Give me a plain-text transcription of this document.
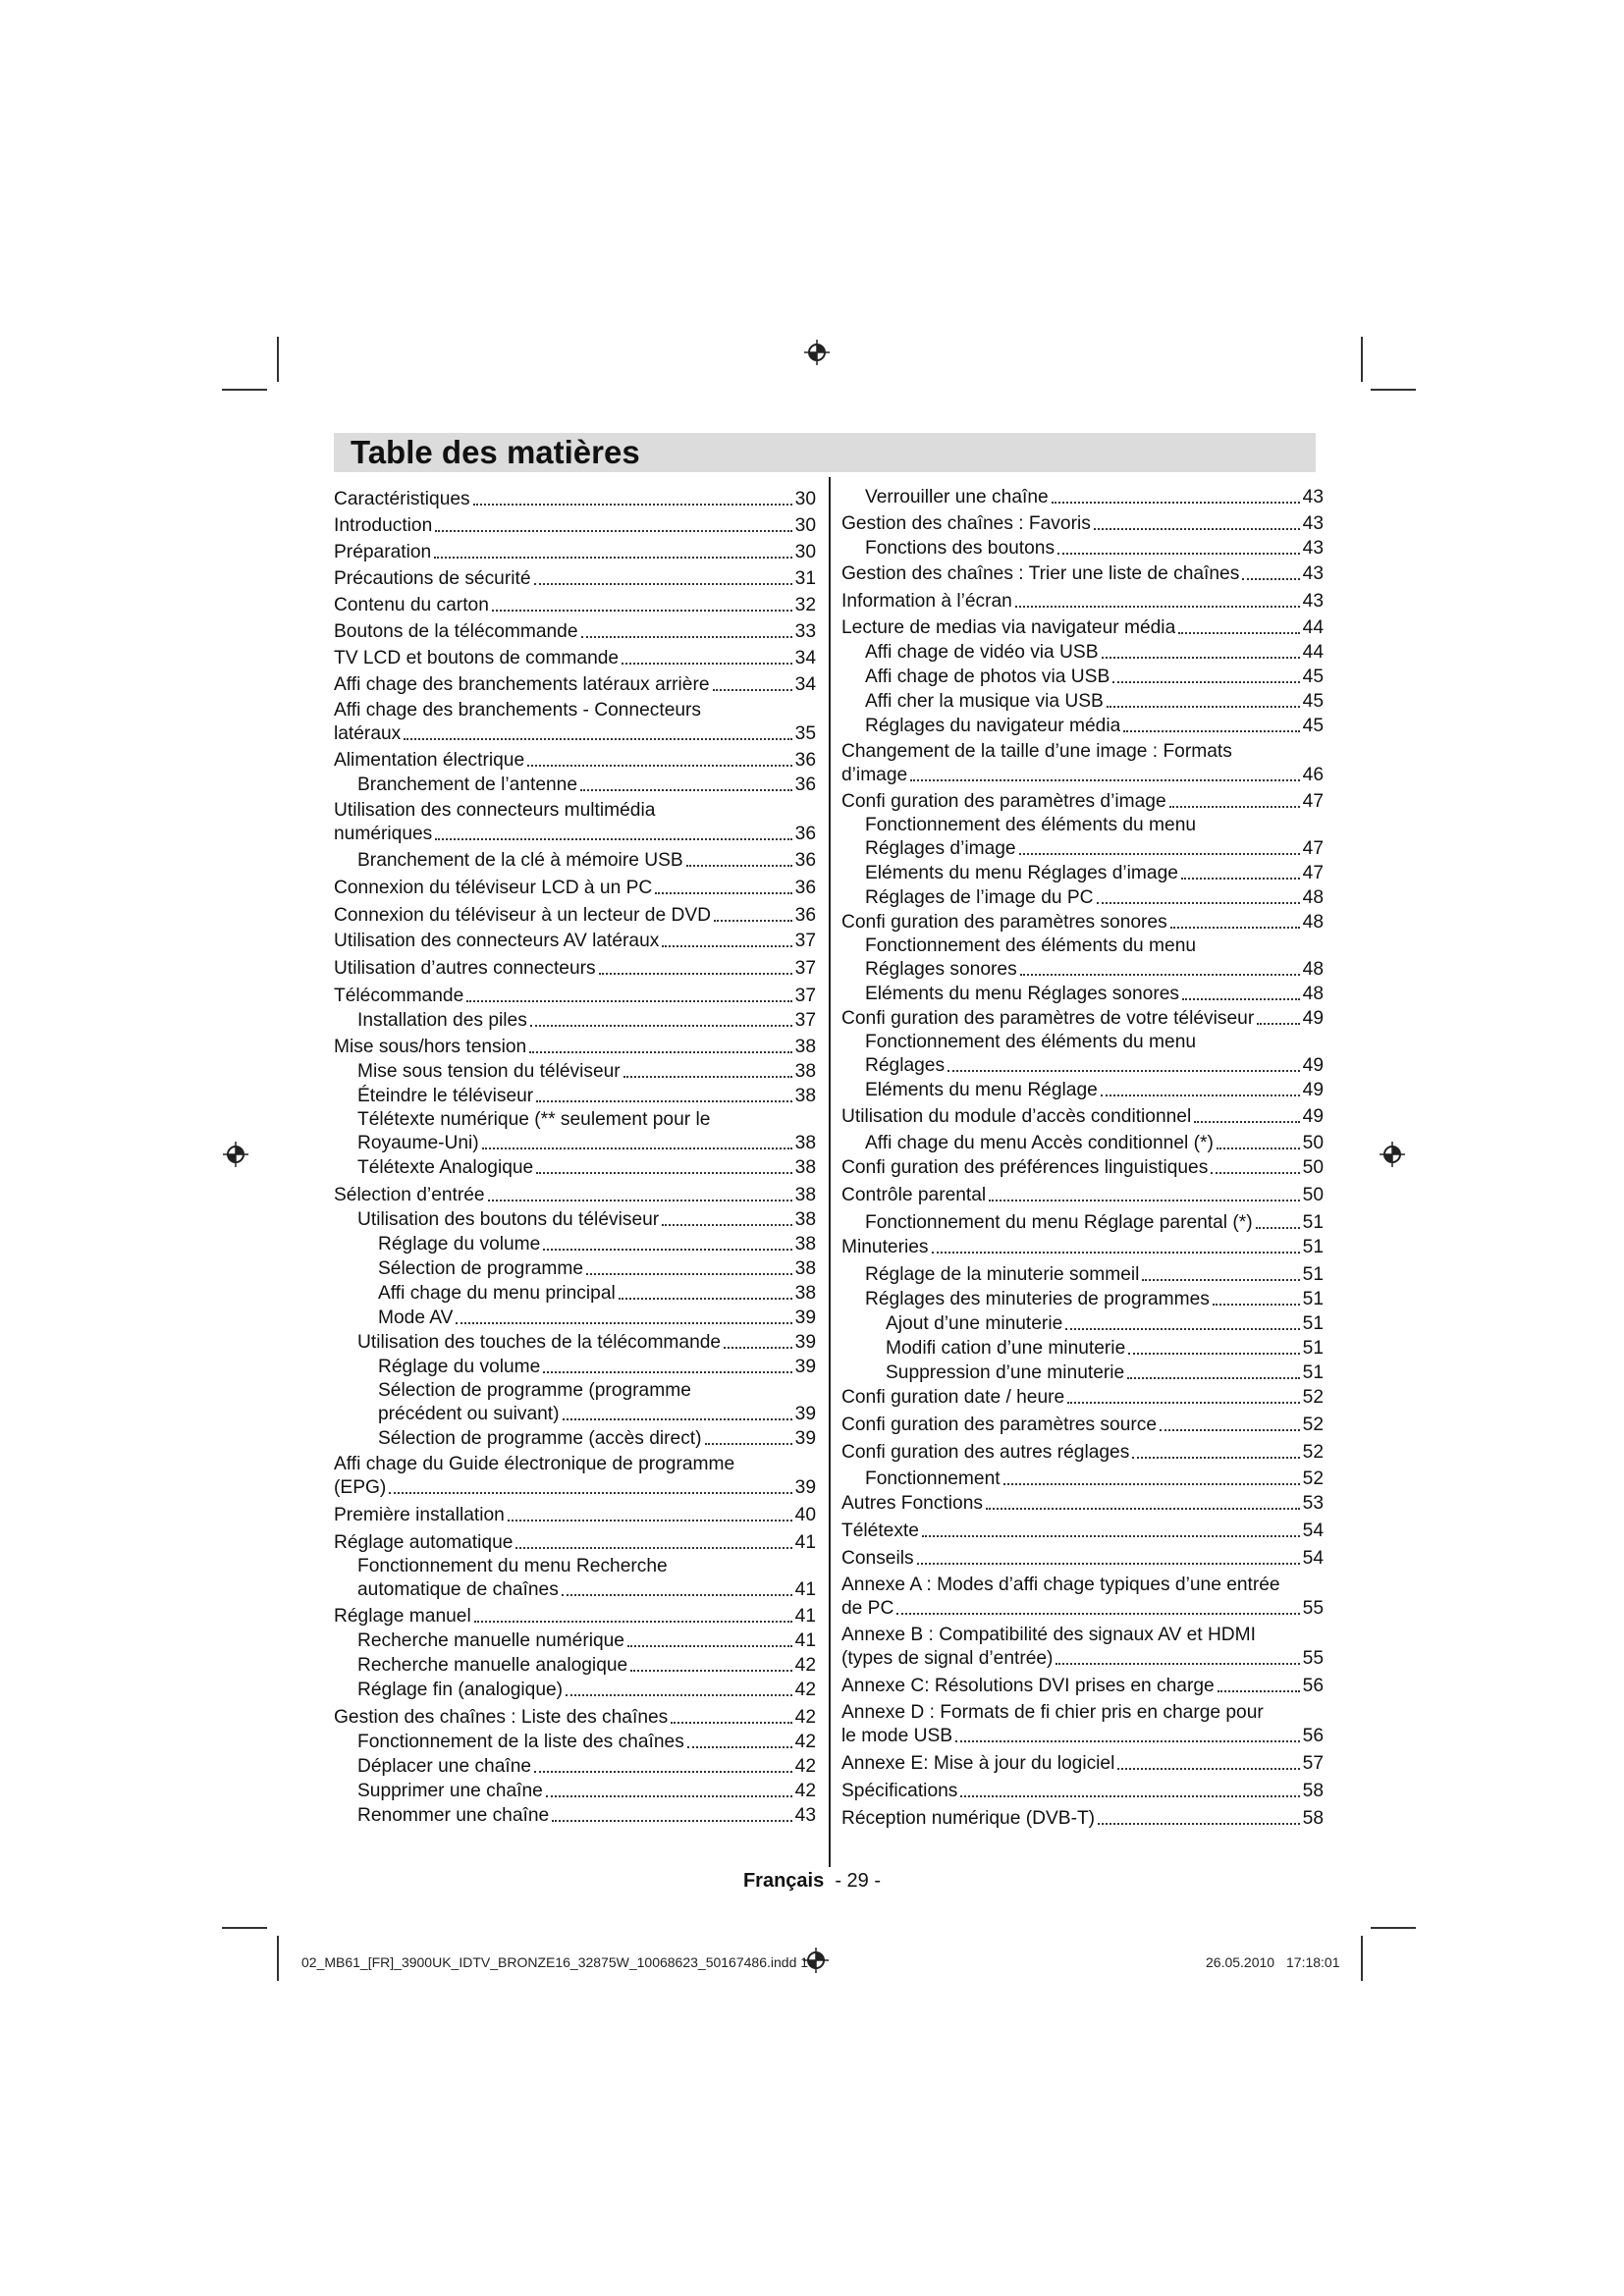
Table des matières
Caractéristiques	30
Introduction	30
Préparation	30
Précautions de sécurité	31
Contenu du carton	32
Boutons de la télécommande	33
TV LCD et boutons de commande	34
Affi chage des branchements latéraux arrière	34
Affi chage des branchements - Connecteurs
latéraux	35
Alimentation électrique	36
Branchement de l’antenne	36
Utilisation des connecteurs multimédia
numériques	36
Branchement de la clé à mémoire USB	36
Connexion du téléviseur LCD à un PC	36
Connexion du téléviseur à un lecteur de DVD	36
Utilisation des connecteurs AV latéraux	37
Utilisation d’autres connecteurs	37
Télécommande	37
Installation des piles	37
Mise sous/hors tension	38
Mise sous tension du téléviseur	38
Éteindre le téléviseur	38
Télétexte numérique (** seulement pour le
Royaume-Uni)	38
Télétexte Analogique	38
Sélection d’entrée	38
Utilisation des boutons du téléviseur	38
Réglage du volume	38
Sélection de programme	38
Affi chage du menu principal	38
Mode AV	39
Utilisation des touches de la télécommande	39
Réglage du volume	39
Sélection de programme (programme
précédent ou suivant)	39
Sélection de programme (accès direct)	39
Affi chage du Guide électronique de programme
(EPG)	39
Première installation	40
Réglage automatique	41
Fonctionnement du menu Recherche
automatique de chaînes	41
Réglage manuel	41
Recherche manuelle numérique	41
Recherche manuelle analogique	42
Réglage fin (analogique)	42
Gestion des chaînes : Liste des chaînes	42
Fonctionnement de la liste des chaînes	42
Déplacer une chaîne	42
Supprimer une chaîne	42
Renommer une chaîne	43
Verrouiller une chaîne	43
Gestion des chaînes : Favoris	43
Fonctions des boutons	43
Gestion des chaînes : Trier une liste de chaînes	43
Information à l’écran	43
Lecture de medias via navigateur média	44
Affi chage de vidéo via USB	44
Affi chage de photos via USB	45
Affi cher la musique via USB	45
Réglages du navigateur média	45
Changement de la taille d’une image : Formats
d’image	46
Confi guration des paramètres d’image	47
Fonctionnement des éléments du menu
Réglages d’image	47
Eléments du menu Réglages d’image	47
Réglages de l’image du PC	48
Confi guration des paramètres sonores	48
Fonctionnement des éléments du menu
Réglages sonores	48
Eléments du menu Réglages sonores	48
Confi guration des paramètres de votre téléviseur	49
Fonctionnement des éléments du menu
Réglages	49
Eléments du menu Réglage	49
Utilisation du module d’accès conditionnel	49
Affi chage du menu Accès conditionnel (*)	50
Confi guration des préférences linguistiques	50
Contrôle parental	50
Fonctionnement du menu Réglage parental (*)	51
Minuteries	51
Réglage de la minuterie sommeil	51
Réglages des minuteries de programmes	51
Ajout d’une minuterie	51
Modifi cation d’une minuterie	51
Suppression d’une minuterie	51
Confi guration date / heure	52
Confi guration des paramètres source	52
Confi guration des autres réglages	52
Fonctionnement	52
Autres Fonctions	53
Télétexte	54
Conseils	54
Annexe A : Modes d’affi chage typiques d’une entrée
de PC	55
Annexe B : Compatibilité des signaux AV et HDMI
(types de signal d’entrée)	55
Annexe C: Résolutions DVI prises en charge	56
Annexe D : Formats de fi chier pris en charge pour
le mode USB	56
Annexe E: Mise à jour du logiciel	57
Spécifications	58
Réception numérique (DVB-T)	58
Français - 29 -
02_MB61_[FR]_3900UK_IDTV_BRONZE16_32875W_10068623_50167486.indd 1	26.05.2010 17:18:01
